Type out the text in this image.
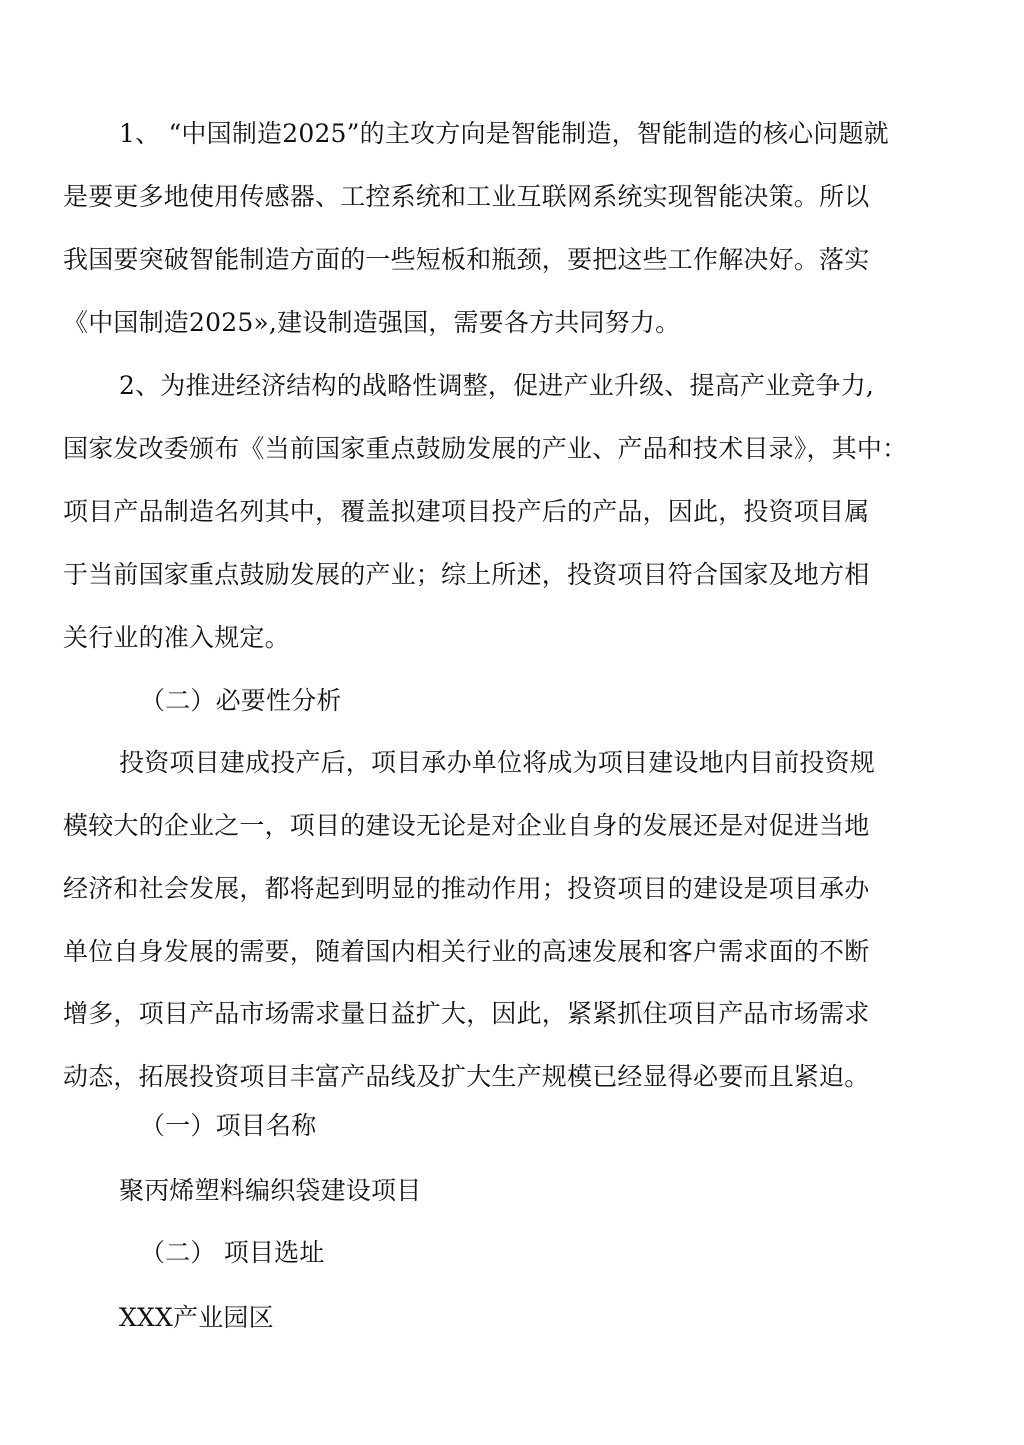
1、 “中国制造2025”的主攻方向是智能制造，智能制造的核心问题就
是要更多地使用传感器、工控系统和工业互联网系统实现智能决策。所以
我国要突破智能制造方面的一些短板和瓶颈，要把这些工作解决好。落实
《中国制造2025»,建设制造强国，需要各方共同努力。
2、为推进经济结构的战略性调整，促进产业升级、提高产业竞争力,
国家发改委颁布《当前国家重点鼓励发展的产业、产品和技术目录》，其中：
项目产品制造名列其中，覆盖拟建项目投产后的产品，因此，投资项目属
于当前国家重点鼓励发展的产业；综上所述，投资项目符合国家及地方相
关行业的准入规定。
（二）必要性分析
投资项目建成投产后，项目承办单位将成为项目建设地内目前投资规
模较大的企业之一，项目的建设无论是对企业自身的发展还是对促进当地
经济和社会发展，都将起到明显的推动作用；投资项目的建设是项目承办
单位自身发展的需要，随着国内相关行业的高速发展和客户需求面的不断
增多，项目产品市场需求量日益扩大，因此，紧紧抓住项目产品市场需求
动态，拓展投资项目丰富产品线及扩大生产规模已经显得必要而且紧迫。
（一）项目名称
聚丙烯塑料编织袋建设项目
（二） 项目选址
XXX产业园区
